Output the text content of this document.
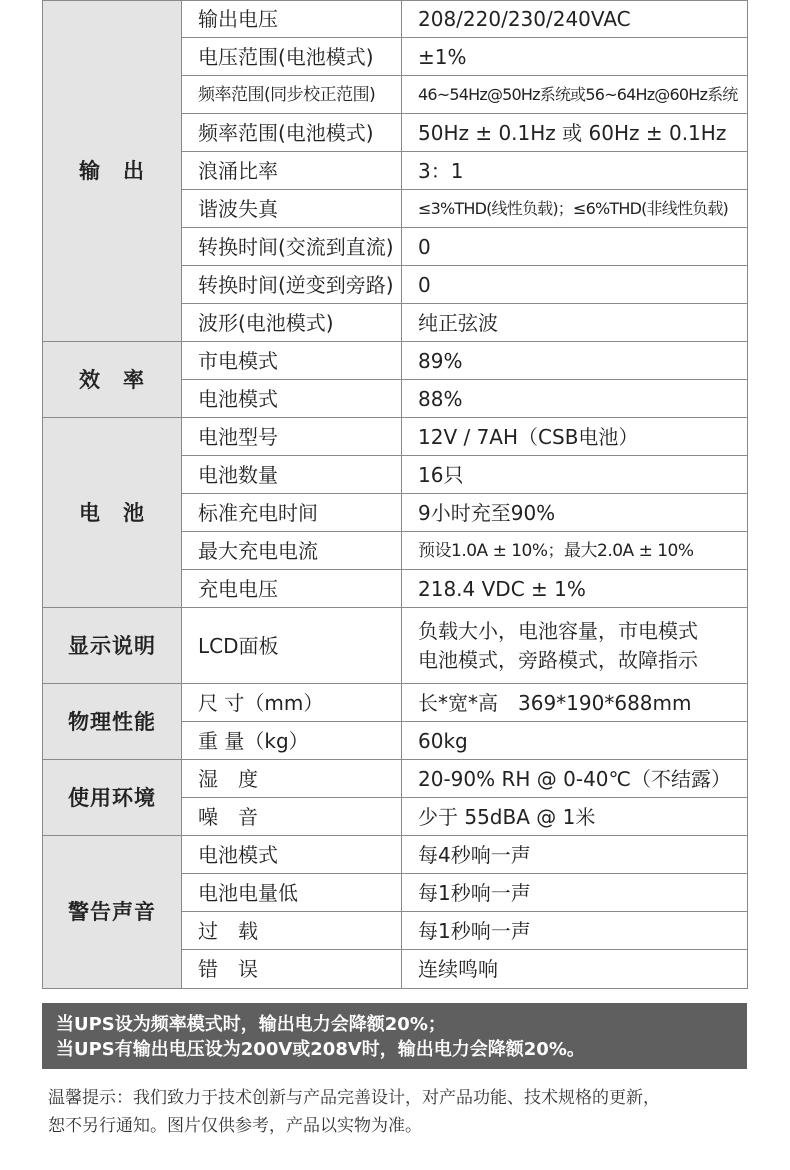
输　出	输出电压	208/220/230/240VAC
	电压范围(电池模式)	±1%
	频率范围(同步校正范围)	46~54Hz@50Hz系统或56~64Hz@60Hz系统
	频率范围(电池模式)	50Hz ± 0.1Hz 或 60Hz ± 0.1Hz
	浪涌比率	3：1
	谐波失真	≤3%THD(线性负载)；≤6%THD(非线性负载)
	转换时间(交流到直流)	0
	转换时间(逆变到旁路)	0
	波形(电池模式)	纯正弦波
效　率	市电模式	89%
	电池模式	88%
电　池	电池型号	12V / 7AH（CSB电池）
	电池数量	16只
	标准充电时间	9小时充至90%
	最大充电电流	预设1.0A ± 10%；最大2.0A ± 10%
	充电电压	218.4 VDC ± 1%
显示说明	LCD面板	负载大小，电池容量，市电模式
电池模式，旁路模式，故障指示

物理性能	尺 寸（mm）	长*宽*高　369*190*688mm
	重 量（kg）	60kg
使用环境	湿　度	20-90% RH @ 0-40℃（不结露）
	噪　音	少于 55dBA @ 1米
警告声音	电池模式	每4秒响一声
	电池电量低	每1秒响一声
	过　载	每1秒响一声
	错　误	连续鸣响
当UPS设为频率模式时，输出电力会降额20%；
当UPS有输出电压设为200V或208V时，输出电力会降额20%。
温馨提示：我们致力于技术创新与产品完善设计，对产品功能、技术规格的更新，
恕不另行通知。图片仅供参考，产品以实物为准。
